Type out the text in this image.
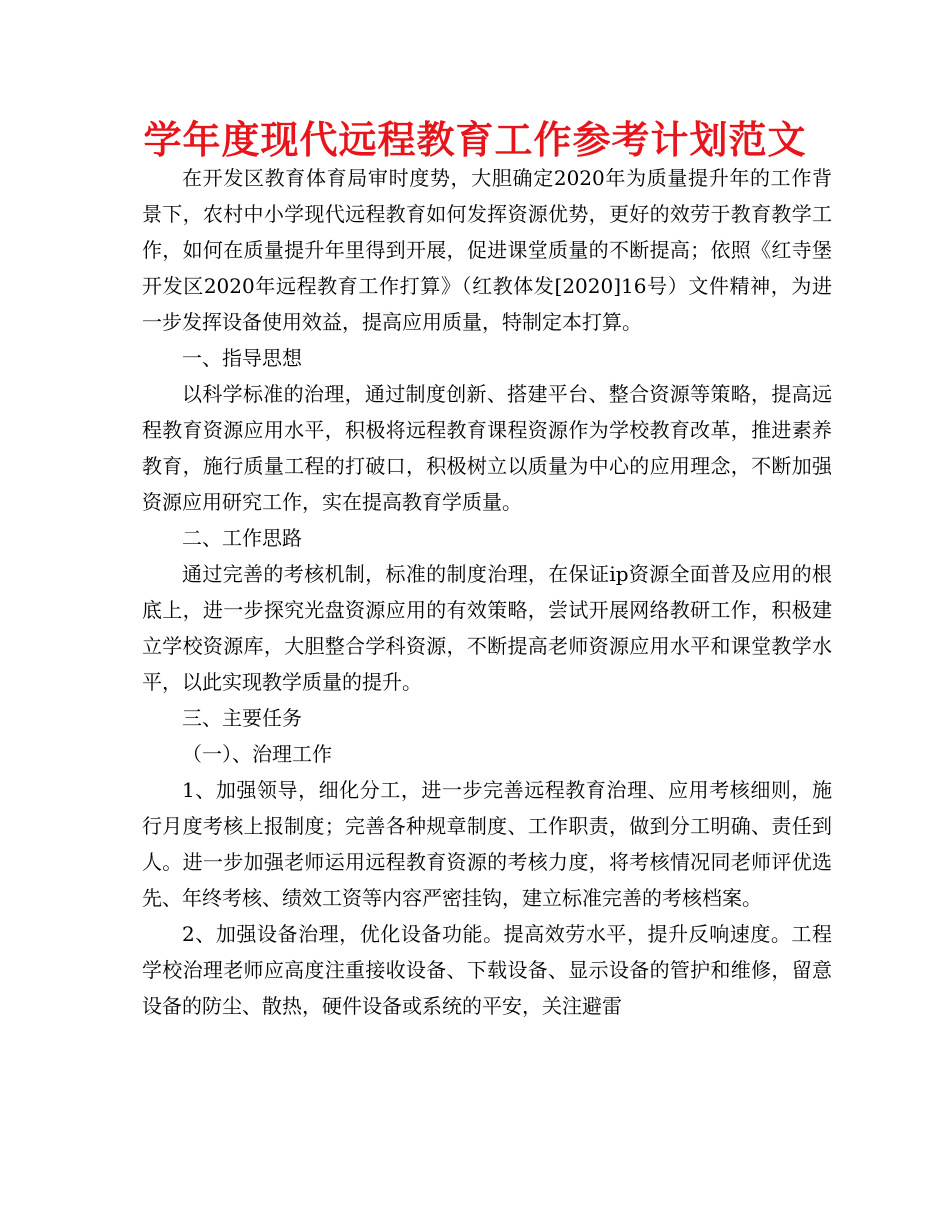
学年度现代远程教育工作参考计划范文

在开发区教育体育局审时度势，大胆确定2020年为质量提升年的工作背景下，农村中小学现代远程教育如何发挥资源优势，更好的效劳于教育教学工作，如何在质量提升年里得到开展，促进课堂质量的不断提高；依照《红寺堡开发区2020年远程教育工作打算》（红教体发[2020]16号）文件精神，为进一步发挥设备使用效益，提高应用质量，特制定本打算。

一、指导思想

以科学标准的治理，通过制度创新、搭建平台、整合资源等策略，提高远程教育资源应用水平，积极将远程教育课程资源作为学校教育改革，推进素养教育，施行质量工程的打破口，积极树立以质量为中心的应用理念，不断加强资源应用研究工作，实在提高教育学质量。

二、工作思路

通过完善的考核机制，标准的制度治理，在保证ip资源全面普及应用的根底上，进一步探究光盘资源应用的有效策略，尝试开展网络教研工作，积极建立学校资源库，大胆整合学科资源，不断提高老师资源应用水平和课堂教学水平，以此实现教学质量的提升。

三、主要任务

（一）、治理工作

1、加强领导，细化分工，进一步完善远程教育治理、应用考核细则，施行月度考核上报制度；完善各种规章制度、工作职责，做到分工明确、责任到人。进一步加强老师运用远程教育资源的考核力度，将考核情况同老师评优选先、年终考核、绩效工资等内容严密挂钩，建立标准完善的考核档案。

2、加强设备治理，优化设备功能。提高效劳水平，提升反响速度。工程学校治理老师应高度注重接收设备、下载设备、显示设备的管护和维修，留意设备的防尘、散热，硬件设备或系统的平安，关注避雷
